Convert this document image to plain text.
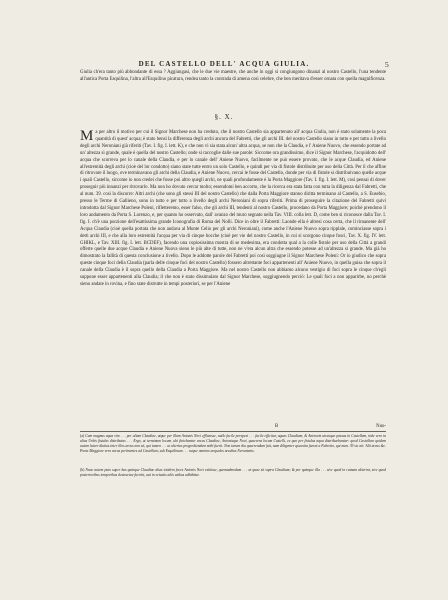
DEL CASTELLO DELL' ACQUA GIULIA.	5

Giulia ch'era tanto più abbondante di essa ? Aggiungasi, che le due vie maestre, che anche in oggi si congiungono dinanzi al nostro Castello, l'una tendente all'antica Porta Esquilina, l'altra all'Esquilino picatura, rendea tanto la contrada di amena così celebre, che ben meritava d'esser ornata con quella magnificenza.

§. X.

Ma per altro il motivo per cui il Signor Marchese non ha creduto, che il nostro Castello sia appartenuto all' acqua Giulia, non è stato solamente la poca quantità di quest' acqua; è stato bensì la differenza degli archi ancora del Fabretti, che gli archi III. del nostro Castello siano in tutto e per tutto a livello degli archi Neroniani già riferiti (Tav. I. fig. I. lett. K), e che non vi sia stata alcun' altra acqua, se non che la Claudia, e l' Aniene Nuovo, che essendo portate ad un' altezza sì grande, quale è quella del nostro Castello; onde si raccoglie dalle sue parole: Siccome ora grandissimo, dice il Signor Marchese, l'acquidotto dell' acqua che scorreva per lo canale della Claudia, e per lo canale dell' Aniene Nuovo, facilmente ne può essere provato, che le acque Claudia, ed Aniene all'estremità degli archi (cioè del lor condotto) siano state tutte entro un solo Castello, e quindi per via di fistole distribuite per uso della Città. Per il che affine di ritrovare il luogo, ove terminavano gli archi della Claudia, e Aniene Nuovo, cercai le fosse del Castello, donde per via di fistole si distribuivano quelle acque i quali Castello, siccome io non credei che fosse poi altro quegli archi, ne quali profondamente è la Porta Maggiore (Tav. I. fig. I. lett. M), così pensai di dover proseguir più innanzi per ritrovarlo. Ma non ho dovuto cercar molto; essendomi ben accorto, che la ricerca era stata fatta con tutta la diligenza dal Fabretti, che al num. 39. così la discorre: Altri archi (che sono gli stessi III del nostro Castello) che dalla Porta Maggiore stanno diritta terminano al Castello, a S. Eusebio, presso le Terme di Gallieno, sono in tutto e per tutto a livello degli archi Neroniani di sopra riferiti. Prima di proseguire la citazione del Fabretti quivi introdotta dal Signor Marchese Poleni, rifletteremo, esser falso, che gli archi III, tendenti al nostro Castello, procedano da Porta Maggiore; poichè prendono il loro andamento da Porta S. Lorenzo, e, per quanto ho osservato, dall' avanzo del muro segnato nella Tav. VIII. colla lett. D, come ben si riconosce dalla Tav. I. fig. I. ch'è una porzione dell'esattissima grande Iconografia di Roma del Nolli. Dice in oltre il Fabretti: Laonde ella è altresì cosa certa, che il rimanente dell' Acqua Claudia (cioè quella portata che non andava al Monte Celio per gli archi Neroniani), come anche l'Aniene Nuovo sopra ripplale, cominciasse sopra i detti archi III, e che alla loro estremità l'acqua per via di cinque bocche (cioè per vie del nostro Castello, in cui si scorgono cinque fosci, Tav. X. fig. IV. lett. GHIKL, e Tav. XIII. fig. I. lett. BCDEF), facendo una copiosissima mostra di se medesima, era condotta qual a la colle fistole per uso della Città a grandi offerte quelle due acque Claudia e Aniene Nuova sieno le più alte di tutte, non ne v'era alcun altra che essendo potesse ad un'altezza sì grande. Ma già ho dimostrato la fallità di questa conclusione a livello. Dopo le addotte parole del Fabretti poi così soggiugne il Signor Marchese Poleni: Or io giudico che sopra queste cinque foci della Claudia (parla delle cinque foci del nostro Castello) fossero altrettante foci appartenenti all' Aniene Nuovo, in quella guisa che sopra il canale della Claudia è il sopra quello della Claudia a Porta Maggiore. Ma nel nostro Castello non abbiamo alcuno vestigio di foci sopra le cinque ch'egli suppone esser appartenenti alla Claudia; il che non è stato dissimulato dal Signor Marchese, soggiugnendo perciò: Le quali foci a non apparirbe, no perchè sieno andate in rovina, e fino state distrutte in tempi posteriori, se per l'Aniene

B	Nuo-

(a) Cum magnus aqua vim . . . per aliam Claudiae, atque per illam Anionis Novi effluxisse, nullo facile perspexi . . . facile efficitur, aquas Claudiam, & Anionem utrasque passas in Castellum, inde vero in alias Urbis fistulas distributas . . . Ergo, ut terminum locum, ubi finiebantur arcus Claudiae, Anionisque Novi, quaerens locum Castelli, ex quo per fistulas aqua distribuebantur: quod Castellum quidem autem latere diutius inter illos arcus non sit, qui tamen . . . ut ulterius progrediendum mihi fuerit. Non tamen diu quaerendum fuit, nam diligenter quaesita fuerat a Fabretto, qui num. 39 sic ait: Alii arcus &c. Porta Maggiore vero arcus pertinentes ad Castellum, sub Esquilinum . . . neque omnino aequales arcubus Neronianis.

(b) Nunc autem puto super has quinque Claudiae alias totidem foces Anionis Novi extitisse, quemadmodum . . . ut quae sit supra Claudiam; & per quinque illa . . . sive quod in ruinam abierint, sive quod posterioribus temporibus destructae fuerint, aut in vetustis aliis usibus adhibitae.
